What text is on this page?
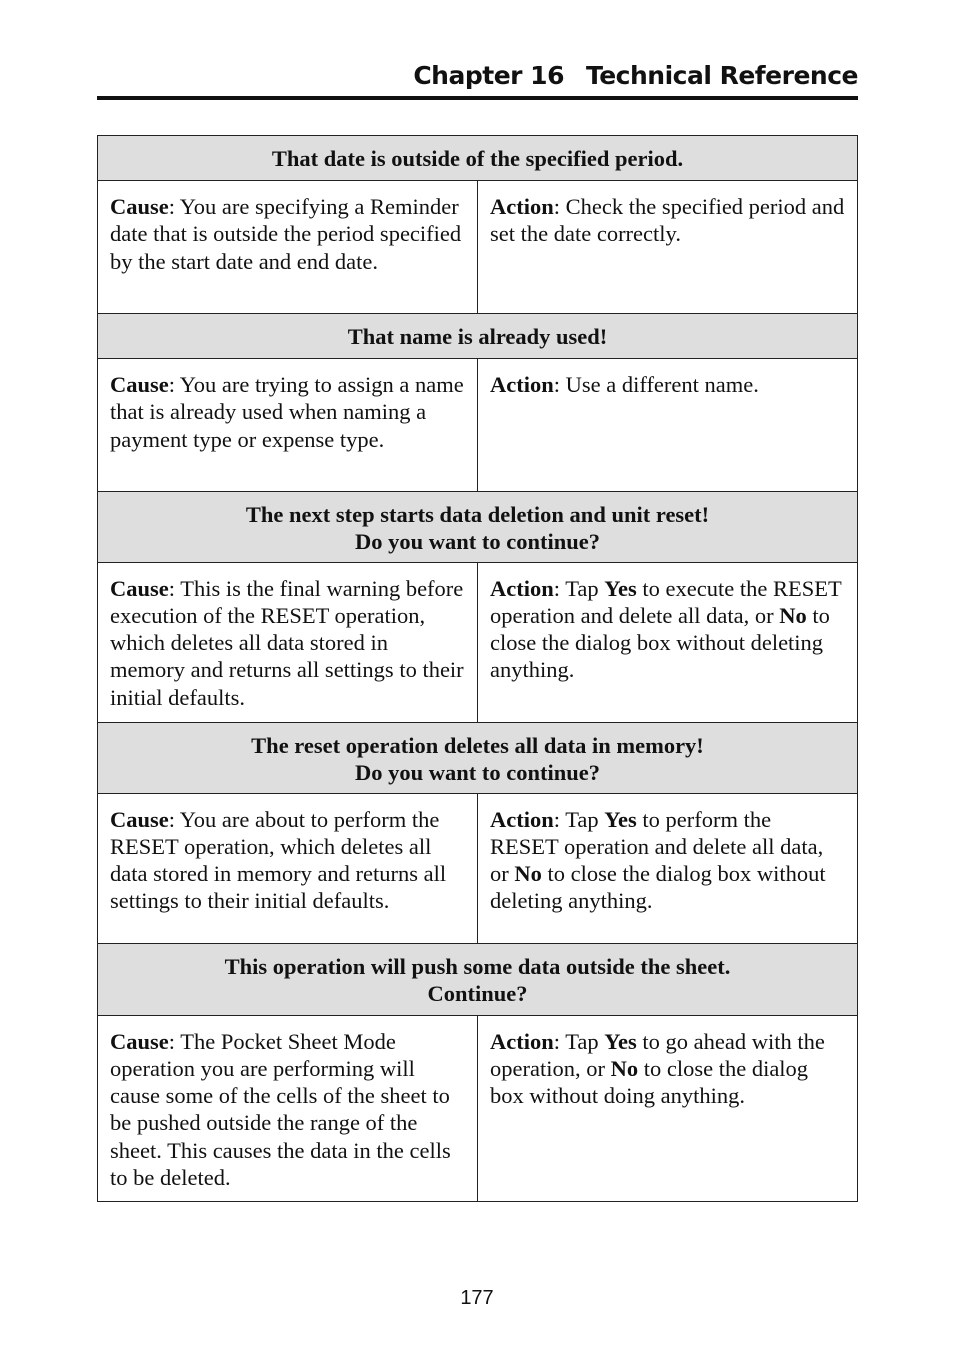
Chapter 16 Technical Reference
That date is outside of the specified period.	
Cause: You are specifying a Reminder date that is outside the period specified by the start date and end date.	Action: Check the specified period and set the date correctly.
That name is already used!	
Cause: You are trying to assign a name that is already used when naming a payment type or expense type.	Action: Use a different name.
The next step starts data deletion and unit reset!
Do you want to continue?	
Cause: This is the final warning before execution of the RESET operation, which deletes all data stored in memory and returns all settings to their initial defaults.	Action: Tap Yes to execute the RESET operation and delete all data, or No to close the dialog box without deleting anything.
The reset operation deletes all data in memory!
Do you want to continue?	
Cause: You are about to perform the RESET operation, which deletes all data stored in memory and returns all settings to their initial defaults.	Action: Tap Yes to perform the RESET operation and delete all data, or No to close the dialog box without deleting anything.
This operation will push some data outside the sheet.
Continue?	
Cause: The Pocket Sheet Mode operation you are performing will cause some of the cells of the sheet to be pushed outside the range of the sheet. This causes the data in the cells to be deleted.	Action: Tap Yes to go ahead with the operation, or No to close the dialog box without doing anything.
177
